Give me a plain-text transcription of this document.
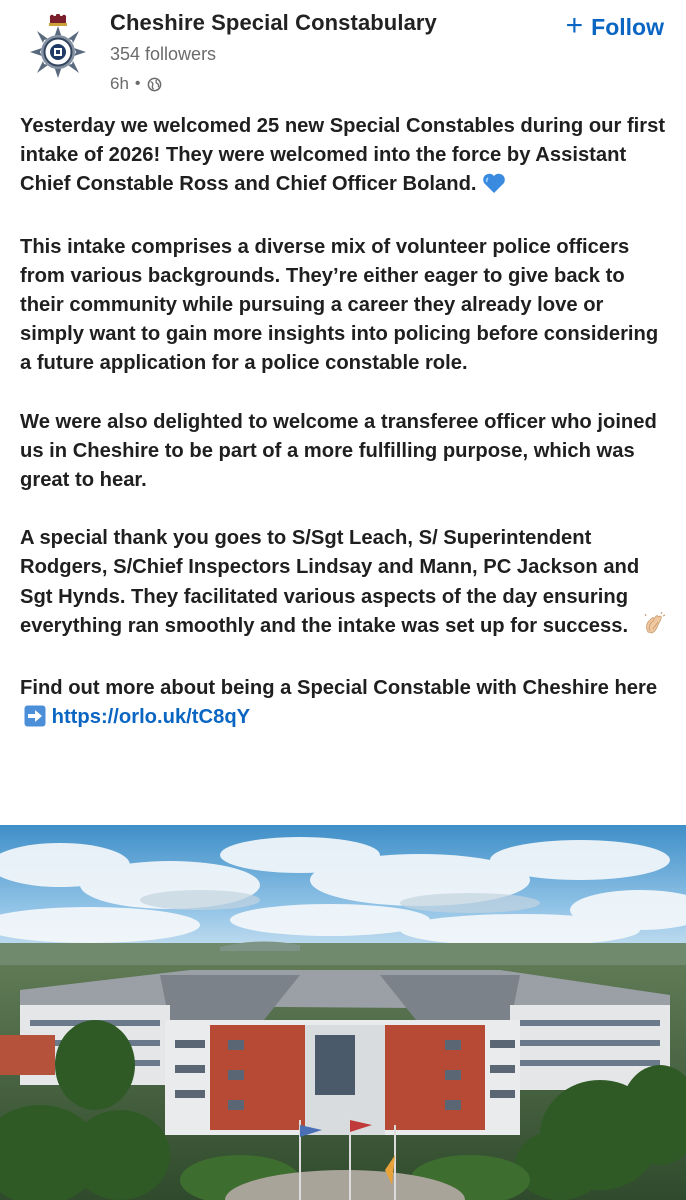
Cheshire Special Constabulary
354 followers
6h •
+ Follow

Yesterday we welcomed 25 new Special Constables during our first intake of 2026! They were welcomed into the force by Assistant Chief Constable Ross and Chief Officer Boland.

This intake comprises a diverse mix of volunteer police officers from various backgrounds. They’re either eager to give back to their community while pursuing a career they already love or simply want to gain more insights into policing before considering a future application for a police constable role.

We were also delighted to welcome a transferee officer who joined us in Cheshire to be part of a more fulfilling purpose, which was great to hear.

A special thank you goes to S/Sgt Leach, S/ Superintendent Rodgers, S/Chief Inspectors Lindsay and Mann, PC Jackson and Sgt Hynds. They facilitated various aspects of the day ensuring everything ran smoothly and the intake was set up for success.

Find out more about being a Special Constable with Cheshire here  https://orlo.uk/tC8qY
